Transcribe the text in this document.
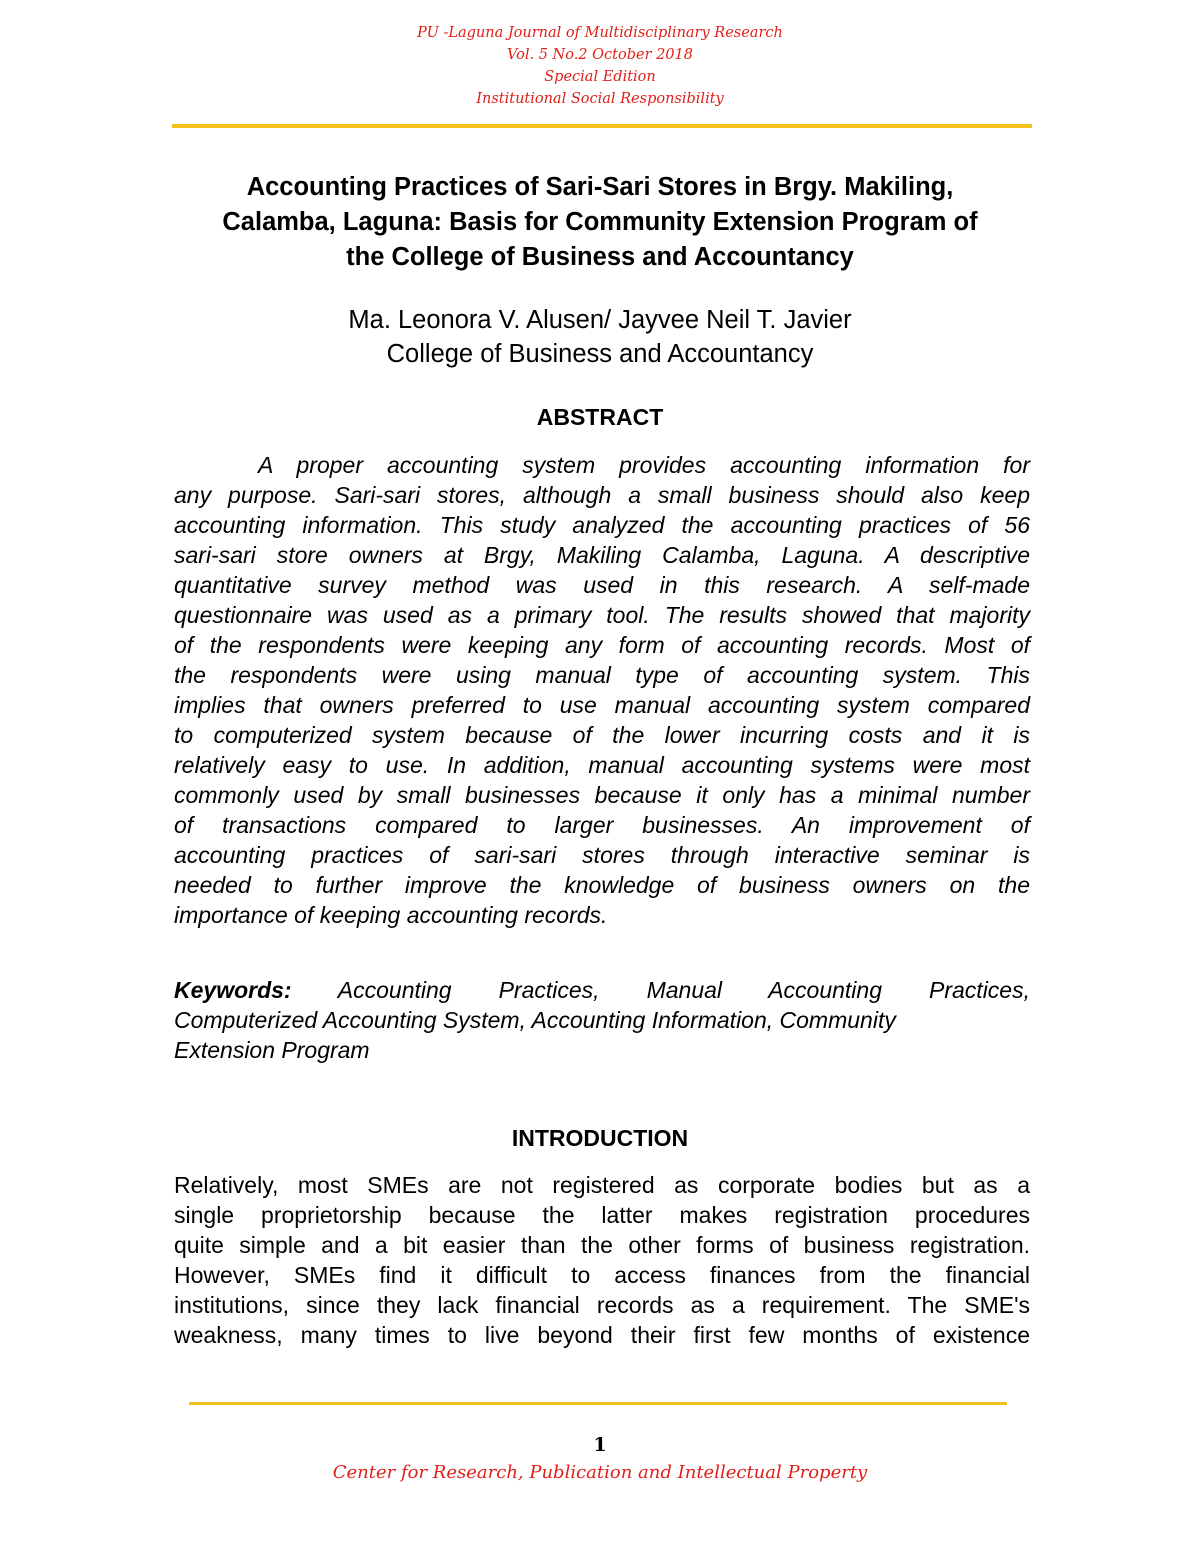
PU -Laguna Journal of Multidisciplinary Research
Vol. 5 No.2 October 2018
Special Edition
Institutional Social Responsibility
Accounting Practices of Sari-Sari Stores in Brgy. Makiling,
Calamba, Laguna: Basis for Community Extension Program of
the College of Business and Accountancy
Ma. Leonora V. Alusen/ Jayvee Neil T. Javier
College of Business and Accountancy
ABSTRACT
A proper accounting system provides accounting information for
any purpose. Sari-sari stores, although a small business should also keep
accounting information. This study analyzed the accounting practices of 56
sari-sari store owners at Brgy, Makiling Calamba, Laguna. A descriptive
quantitative survey method was used in this research. A self-made
questionnaire was used as a primary tool. The results showed that majority
of the respondents were keeping any form of accounting records. Most of
the respondents were using manual type of accounting system. This
implies that owners preferred to use manual accounting system compared
to computerized system because of the lower incurring costs and it is
relatively easy to use. In addition, manual accounting systems were most
commonly used by small businesses because it only has a minimal number
of transactions compared to larger businesses. An improvement of
accounting practices of sari-sari stores through interactive seminar is
needed to further improve the knowledge of business owners on the
importance of keeping accounting records.
Keywords: Accounting Practices, Manual Accounting Practices,
Computerized Accounting System, Accounting Information, Community
Extension Program
INTRODUCTION
Relatively, most SMEs are not registered as corporate bodies but as a
single proprietorship because the latter makes registration procedures
quite simple and a bit easier than the other forms of business registration.
However, SMEs find it difficult to access finances from the financial
institutions, since they lack financial records as a requirement. The SME's
weakness, many times to live beyond their first few months of existence
1
Center for Research, Publication and Intellectual Property
